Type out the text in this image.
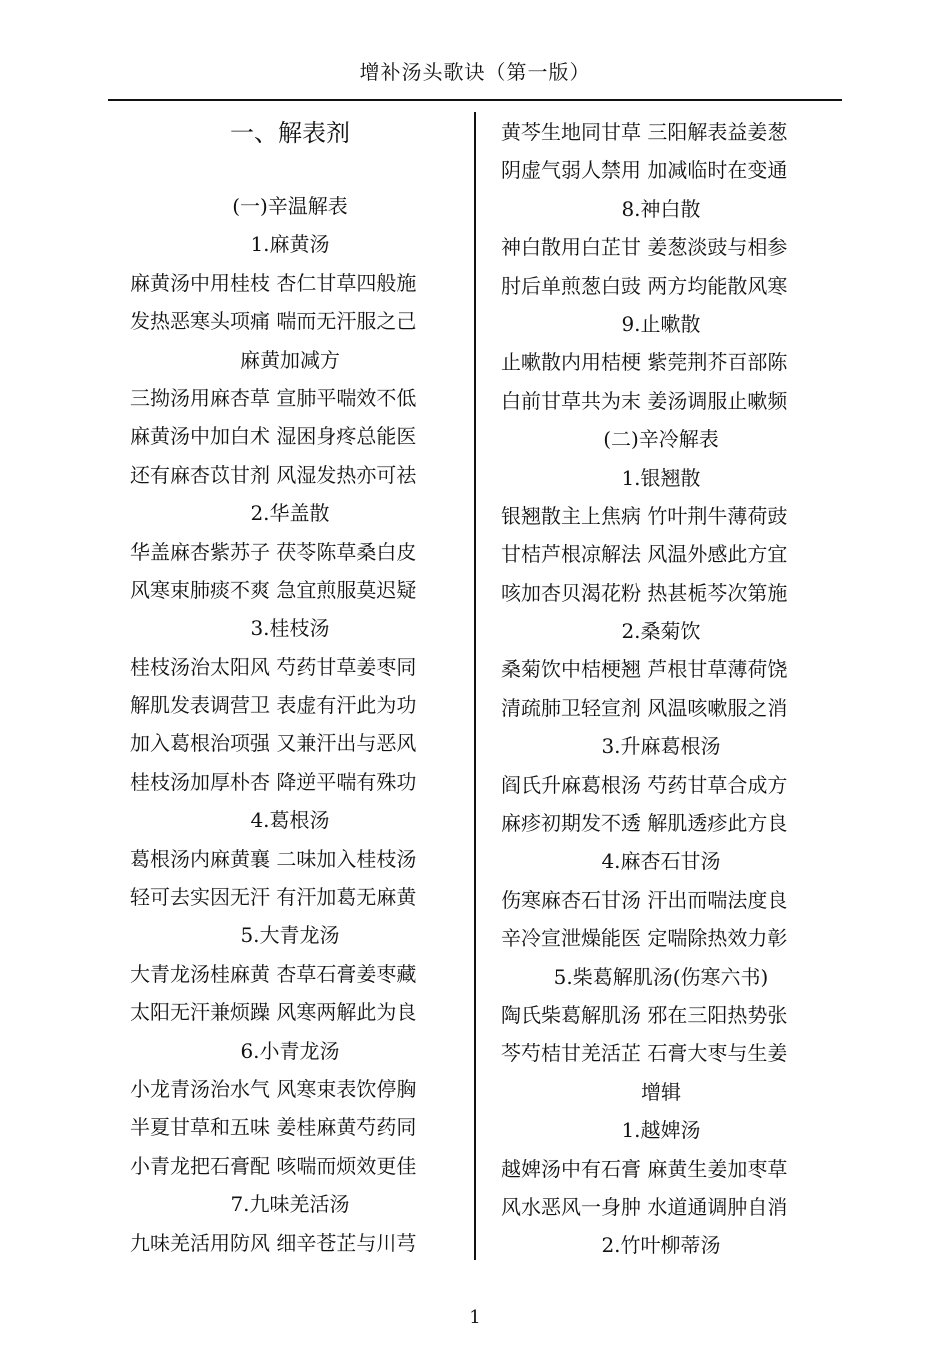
增补汤头歌诀（第一版）
一、解表剂
(一)辛温解表
1.麻黄汤
麻黄汤中用桂枝 杏仁甘草四般施
发热恶寒头项痛 喘而无汗服之己
麻黄加减方
三拗汤用麻杏草 宣肺平喘效不低
麻黄汤中加白术 湿困身疼总能医
还有麻杏苡甘剂 风湿发热亦可祛
2.华盖散
华盖麻杏紫苏子 茯苓陈草桑白皮
风寒束肺痰不爽 急宜煎服莫迟疑
3.桂枝汤
桂枝汤治太阳风 芍药甘草姜枣同
解肌发表调营卫 表虚有汗此为功
加入葛根治项强 又兼汗出与恶风
桂枝汤加厚朴杏 降逆平喘有殊功
4.葛根汤
葛根汤内麻黄襄 二味加入桂枝汤
轻可去实因无汗 有汗加葛无麻黄
5.大青龙汤
大青龙汤桂麻黄 杏草石膏姜枣藏
太阳无汗兼烦躁 风寒两解此为良
6.小青龙汤
小龙青汤治水气 风寒束表饮停胸
半夏甘草和五味 姜桂麻黄芍药同
小青龙把石膏配 咳喘而烦效更佳
7.九味羌活汤
九味羌活用防风 细辛苍芷与川芎
黄芩生地同甘草 三阳解表益姜葱
阴虚气弱人禁用 加减临时在变通
8.神白散
神白散用白芷甘 姜葱淡豉与相参
肘后单煎葱白豉 两方均能散风寒
9.止嗽散
止嗽散内用桔梗 紫莞荆芥百部陈
白前甘草共为末 姜汤调服止嗽频
(二)辛冷解表
1.银翘散
银翘散主上焦病 竹叶荆牛薄荷豉
甘桔芦根凉解法 风温外感此方宜
咳加杏贝渴花粉 热甚栀芩次第施
2.桑菊饮
桑菊饮中桔梗翘 芦根甘草薄荷饶
清疏肺卫轻宣剂 风温咳嗽服之消
3.升麻葛根汤
阎氏升麻葛根汤 芍药甘草合成方
麻疹初期发不透 解肌透疹此方良
4.麻杏石甘汤
伤寒麻杏石甘汤 汗出而喘法度良
辛冷宣泄燥能医 定喘除热效力彰
5.柴葛解肌汤(伤寒六书)
陶氏柴葛解肌汤 邪在三阳热势张
芩芍桔甘羌活芷 石膏大枣与生姜
增辑
1.越婢汤
越婢汤中有石膏 麻黄生姜加枣草
风水恶风一身肿 水道通调肿自消
2.竹叶柳蒂汤
1
